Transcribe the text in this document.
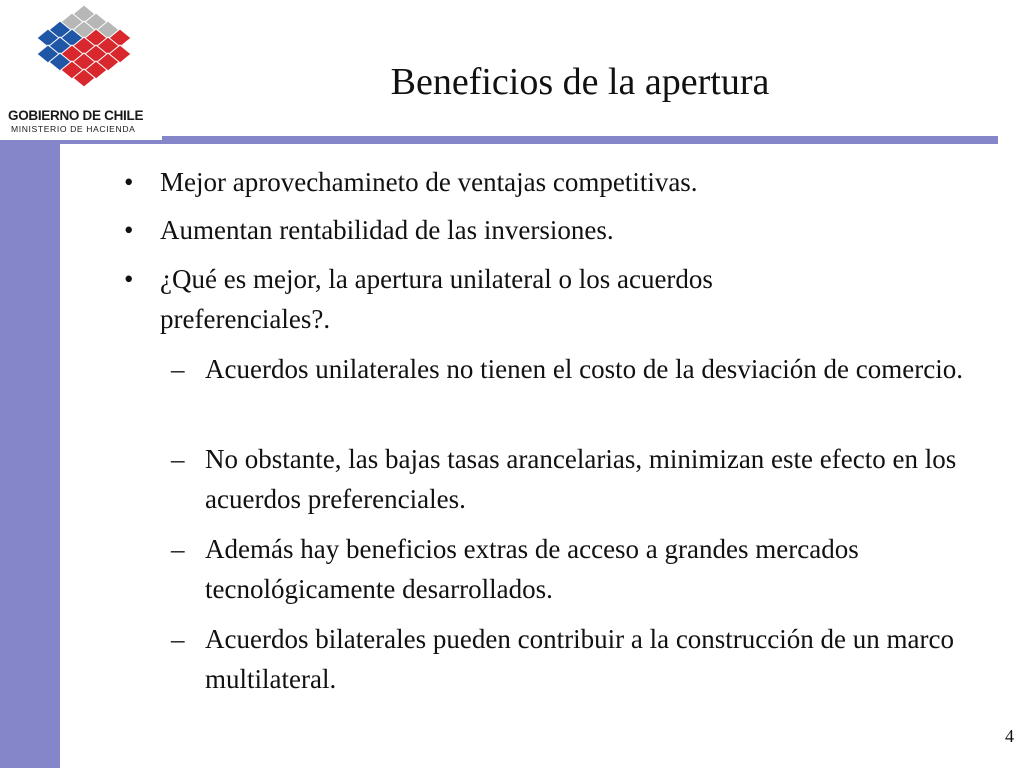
GOBIERNO DE CHILE
MINISTERIO DE HACIENDA
Beneficios de la apertura
• Mejor aprovechamineto de ventajas competitivas.
• Aumentan rentabilidad de las inversiones.
• ¿Qué es mejor, la apertura unilateral o los acuerdos preferenciales?.
– Acuerdos unilaterales no tienen el costo de la desviación de comercio.
– No obstante, las bajas tasas arancelarias, minimizan este efecto en los acuerdos preferenciales.
– Además hay beneficios extras de acceso a grandes mercados tecnológicamente desarrollados.
– Acuerdos bilaterales pueden contribuir a la construcción de un marco multilateral.
4
